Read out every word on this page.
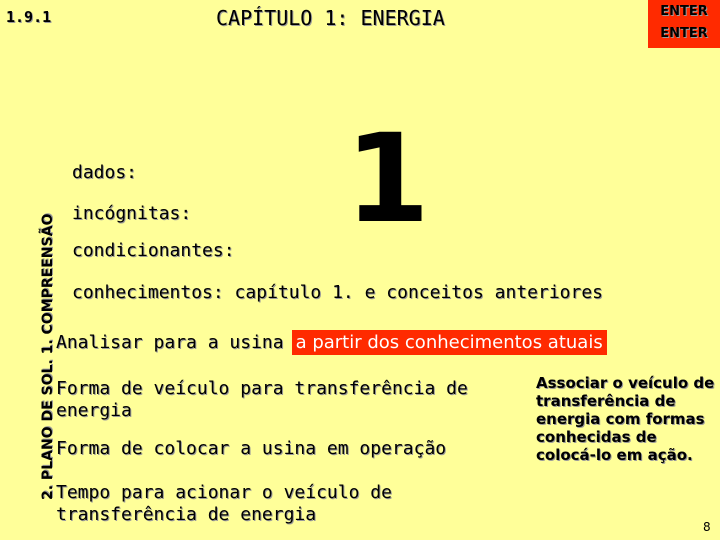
1.9.1	CAPÍTULO 1: ENERGIA	ENTER
ENTER
2. PLANO DE SOL. 1. COMPREENSÃO
dados:
incógnitas:
condicionantes:
1
conhecimentos: capítulo 1. e conceitos anteriores
Analisar para a usina a partir dos conhecimentos atuais
Forma de veículo para transferência de energia
Forma de colocar a usina em operação
Tempo para acionar o veículo de transferência de energia
Associar o veículo de transferência de energia com formas conhecidas de colocá-lo em ação.
8
